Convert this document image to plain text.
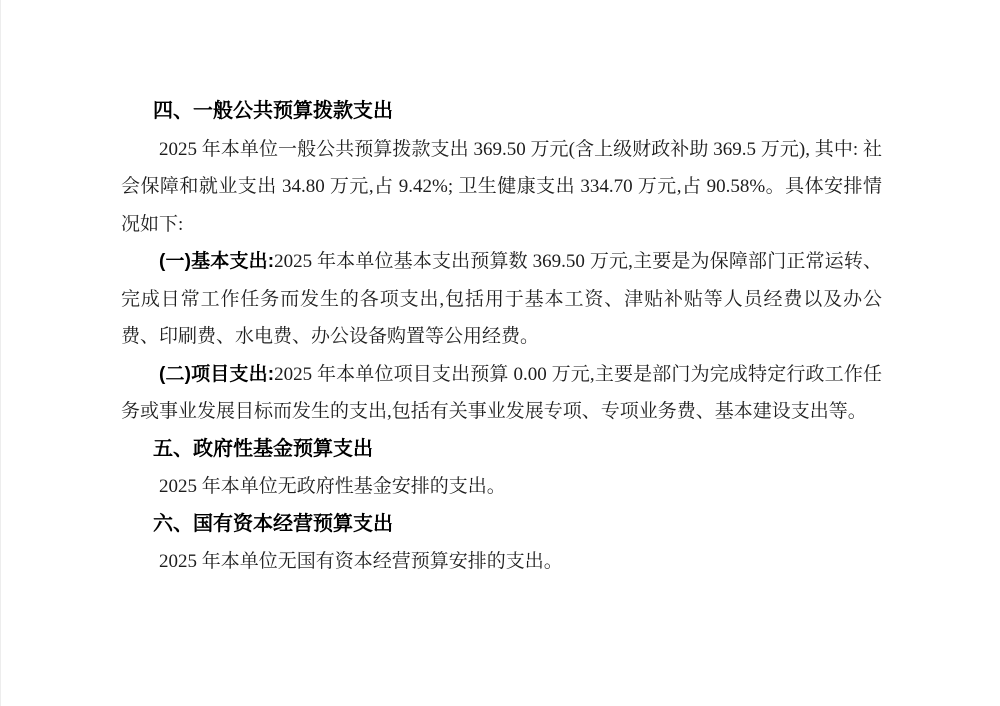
四、一般公共预算拨款支出

2025 年本单位一般公共预算拨款支出 369.50 万元(含上级财政补助 369.5 万元), 其中: 社会保障和就业支出 34.80 万元,占 9.42%; 卫生健康支出 334.70 万元,占 90.58%。具体安排情况如下:

(一)基本支出:2025 年本单位基本支出预算数 369.50 万元,主要是为保障部门正常运转、完成日常工作任务而发生的各项支出,包括用于基本工资、津贴补贴等人员经费以及办公费、印刷费、水电费、办公设备购置等公用经费。

(二)项目支出:2025 年本单位项目支出预算 0.00 万元,主要是部门为完成特定行政工作任务或事业发展目标而发生的支出,包括有关事业发展专项、专项业务费、基本建设支出等。

五、政府性基金预算支出

2025 年本单位无政府性基金安排的支出。

六、国有资本经营预算支出

2025 年本单位无国有资本经营预算安排的支出。
